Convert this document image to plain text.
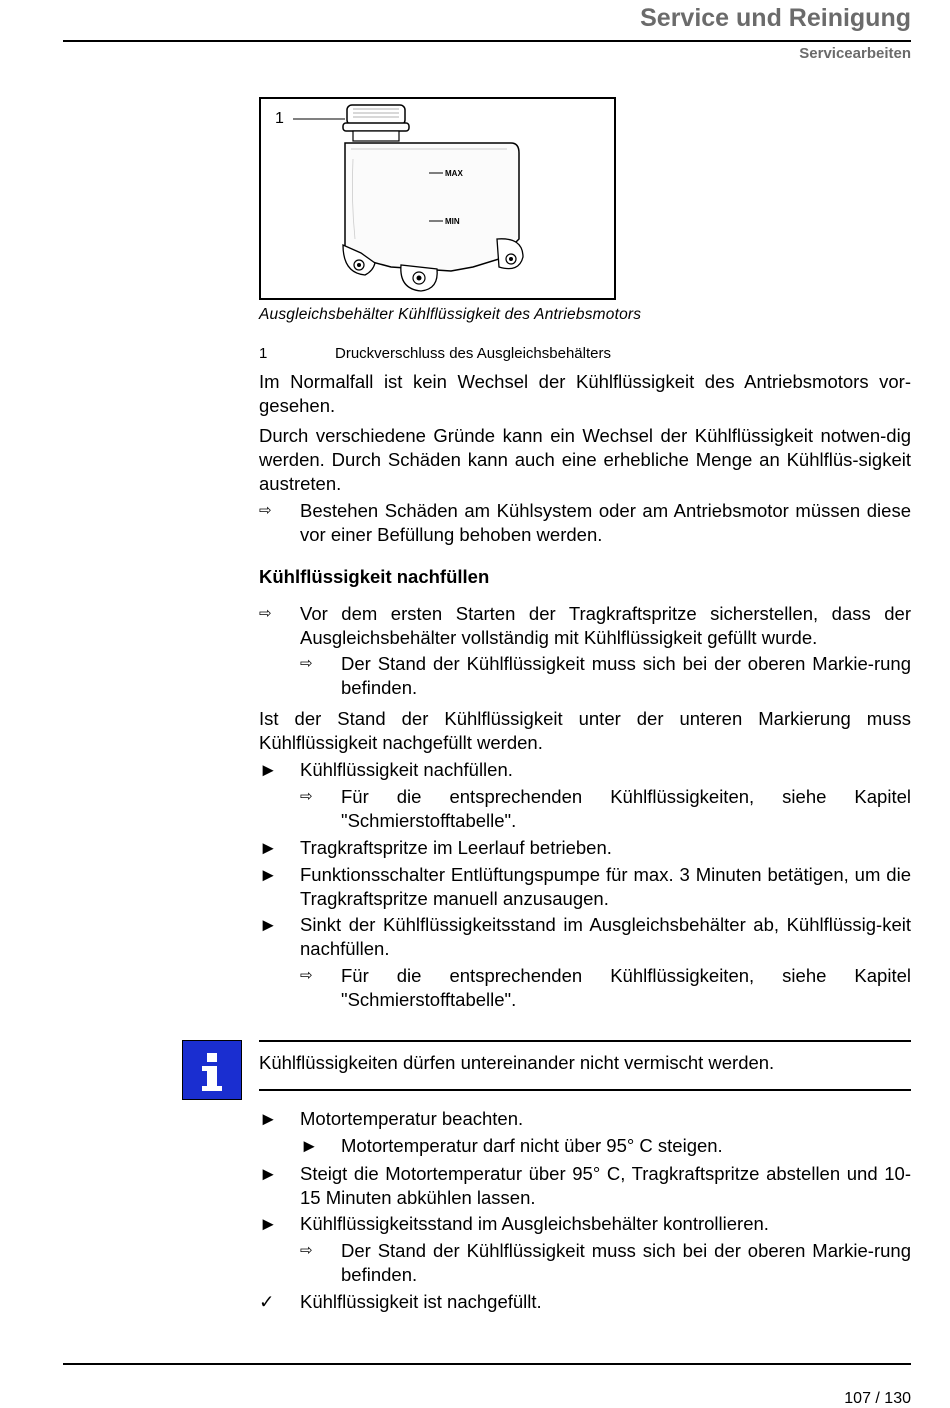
Service und Reinigung
Servicearbeiten
MAX
MIN
1
Ausgleichsbehälter Kühlflüssigkeit des Antriebsmotors
1	Druckverschluss des Ausgleichsbehälters
Im Normalfall ist kein Wechsel der Kühlflüssigkeit des Antriebsmotors vor-gesehen.
Durch verschiedene Gründe kann ein Wechsel der Kühlflüssigkeit notwen-dig werden. Durch Schäden kann auch eine erhebliche Menge an Kühlflüs-sigkeit austreten.
⇨	Bestehen Schäden am Kühlsystem oder am Antriebsmotor müssen diese vor einer Befüllung behoben werden.
Kühlflüssigkeit nachfüllen
⇨	Vor dem ersten Starten der Tragkraftspritze sicherstellen, dass der Ausgleichsbehälter vollständig mit Kühlflüssigkeit gefüllt wurde.
⇨	Der Stand der Kühlflüssigkeit muss sich bei der oberen Markie-rung befinden.
Ist der Stand der Kühlflüssigkeit unter der unteren Markierung muss Kühlflüssigkeit nachgefüllt werden.
►	Kühlflüssigkeit nachfüllen.
⇨	Für die entsprechenden Kühlflüssigkeiten, siehe Kapitel "Schmierstofftabelle".
►	Tragkraftspritze im Leerlauf betrieben.
►	Funktionsschalter Entlüftungspumpe für max. 3 Minuten betätigen, um die Tragkraftspritze manuell anzusaugen.
►	Sinkt der Kühlflüssigkeitsstand im Ausgleichsbehälter ab, Kühlflüssig-keit nachfüllen.
⇨	Für die entsprechenden Kühlflüssigkeiten, siehe Kapitel "Schmierstofftabelle".
Kühlflüssigkeiten dürfen untereinander nicht vermischt werden.
►	Motortemperatur beachten.
►	Motortemperatur darf nicht über 95° C steigen.
►	Steigt die Motortemperatur über 95° C, Tragkraftspritze abstellen und 10-15 Minuten abkühlen lassen.
►	Kühlflüssigkeitsstand im Ausgleichsbehälter kontrollieren.
⇨	Der Stand der Kühlflüssigkeit muss sich bei der oberen Markie-rung befinden.
✓	Kühlflüssigkeit ist nachgefüllt.
107 / 130
